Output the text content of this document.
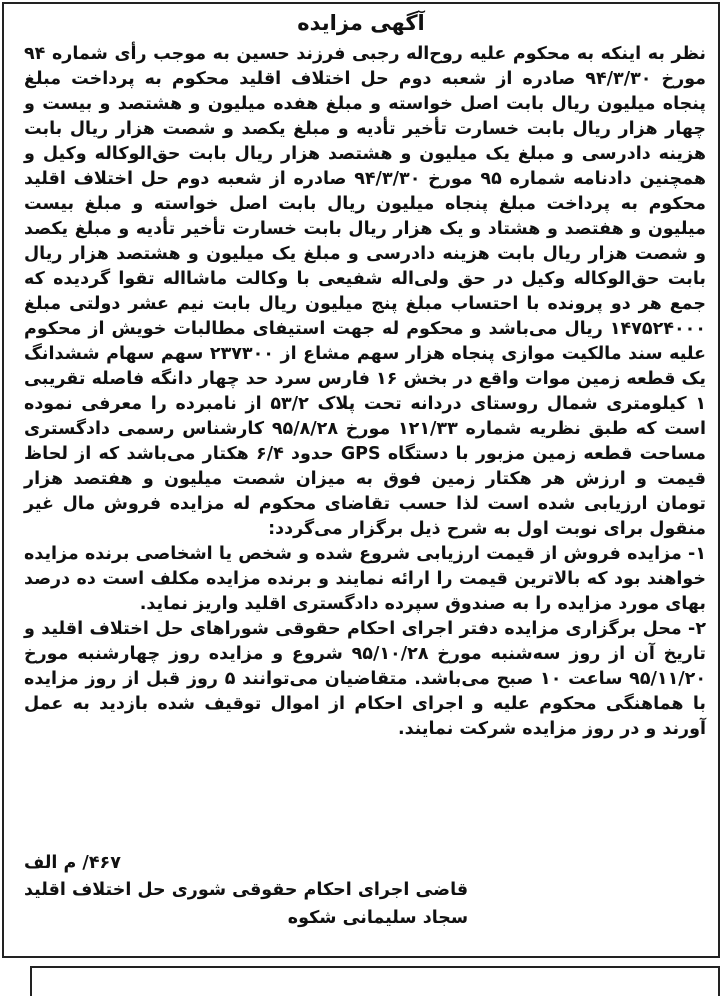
آگهی مزایده

نظر به اینکه به محکوم علیه روح‌اله رجبی فرزند حسین به موجب رأی شماره ۹۴ مورخ ۹۴/۳/۳۰ صادره از شعبه دوم حل اختلاف اقلید محکوم به پرداخت مبلغ پنجاه میلیون ریال بابت اصل خواسته و مبلغ هفده میلیون و هشتصد و بیست و چهار هزار ریال بابت خسارت تأخیر تأدیه و مبلغ یکصد و شصت هزار ریال بابت هزینه دادرسی و مبلغ یک میلیون و هشتصد هزار ریال بابت حق‌الوکاله وکیل و همچنین دادنامه شماره ۹۵ مورخ ۹۴/۳/۳۰ صادره از شعبه دوم حل اختلاف اقلید محکوم به پرداخت مبلغ پنجاه میلیون ریال بابت اصل خواسته و مبلغ بیست میلیون و هفتصد و هشتاد و یک هزار ریال بابت خسارت تأخیر تأدیه و مبلغ یکصد و شصت هزار ریال بابت هزینه دادرسی و مبلغ یک میلیون و هشتصد هزار ریال بابت حق‌الوکاله وکیل در حق ولی‌اله شفیعی با وکالت ماشااله تقوا گردیده که جمع هر دو پرونده با احتساب مبلغ پنج میلیون ریال بابت نیم عشر دولتی مبلغ ۱۴۷۵۲۴۰۰۰ ریال می‌باشد و محکوم له جهت استیفای مطالبات خویش از محکوم علیه سند مالکیت موازی پنجاه هزار سهم مشاع از ۲۳۷۳۰۰ سهم سهام ششدانگ یک قطعه زمین موات واقع در بخش ۱۶ فارس سرد حد چهار دانگه فاصله تقریبی ۱ کیلومتری شمال روستای دردانه تحت پلاک ۵۳/۲ از نامبرده را معرفی نموده است که طبق نظریه شماره ۱۲۱/۳۳ مورخ ۹۵/۸/۲۸ کارشناس رسمی دادگستری مساحت قطعه زمین مزبور با دستگاه GPS حدود ۶/۴ هکتار می‌باشد که از لحاظ قیمت و ارزش هر هکتار زمین فوق به میزان شصت میلیون و هفتصد هزار تومان ارزیابی شده است لذا حسب تقاضای محکوم له مزایده فروش مال غیر منقول برای نوبت اول به شرح ذیل برگزار می‌گردد:

۱- مزایده فروش از قیمت ارزیابی شروع شده و شخص یا اشخاصی برنده مزایده خواهند بود که بالاترین قیمت را ارائه نمایند و برنده مزایده مکلف است ده درصد بهای مورد مزایده را به صندوق سپرده دادگستری اقلید واریز نماید.

۲- محل برگزاری مزایده دفتر اجرای احکام حقوقی شوراهای حل اختلاف اقلید و تاریخ آن از روز سه‌شنبه مورخ ۹۵/۱۰/۲۸ شروع و مزایده روز چهارشنبه مورخ ۹۵/۱۱/۲۰ ساعت ۱۰ صبح می‌باشد. متقاضیان می‌توانند ۵ روز قبل از روز مزایده با هماهنگی محکوم علیه و اجرای احکام از اموال توقیف شده بازدید به عمل آورند و در روز مزایده شرکت نمایند.

۴۶۷/ م الف
قاضی اجرای احکام حقوقی شوری حل اختلاف اقلید
سجاد سلیمانی شکوه
